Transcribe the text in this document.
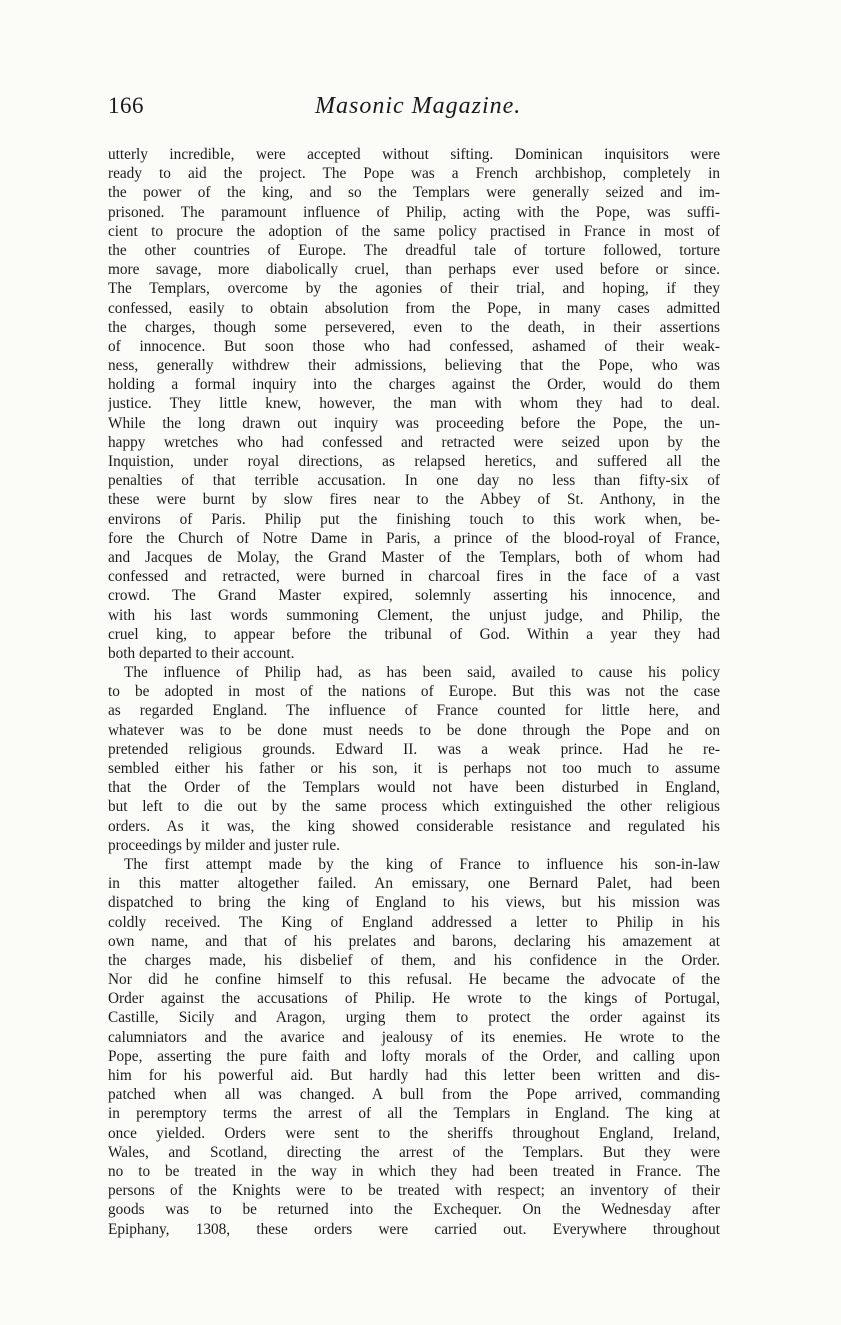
166	Masonic Magazine.
utterly incredible, were accepted without sifting. Dominican inquisitors were
ready to aid the project. The Pope was a French archbishop, completely in
the power of the king, and so the Templars were generally seized and im-
prisoned. The paramount influence of Philip, acting with the Pope, was suffi-
cient to procure the adoption of the same policy practised in France in most of
the other countries of Europe. The dreadful tale of torture followed, torture
more savage, more diabolically cruel, than perhaps ever used before or since.
The Templars, overcome by the agonies of their trial, and hoping, if they
confessed, easily to obtain absolution from the Pope, in many cases admitted
the charges, though some persevered, even to the death, in their assertions
of innocence. But soon those who had confessed, ashamed of their weak-
ness, generally withdrew their admissions, believing that the Pope, who was
holding a formal inquiry into the charges against the Order, would do them
justice. They little knew, however, the man with whom they had to deal.
While the long drawn out inquiry was proceeding before the Pope, the un-
happy wretches who had confessed and retracted were seized upon by the
Inquistion, under royal directions, as relapsed heretics, and suffered all the
penalties of that terrible accusation. In one day no less than fifty-six of
these were burnt by slow fires near to the Abbey of St. Anthony, in the
environs of Paris. Philip put the finishing touch to this work when, be-
fore the Church of Notre Dame in Paris, a prince of the blood-royal of France,
and Jacques de Molay, the Grand Master of the Templars, both of whom had
confessed and retracted, were burned in charcoal fires in the face of a vast
crowd. The Grand Master expired, solemnly asserting his innocence, and
with his last words summoning Clement, the unjust judge, and Philip, the
cruel king, to appear before the tribunal of God. Within a year they had
both departed to their account.
The influence of Philip had, as has been said, availed to cause his policy
to be adopted in most of the nations of Europe. But this was not the case
as regarded England. The influence of France counted for little here, and
whatever was to be done must needs to be done through the Pope and on
pretended religious grounds. Edward II. was a weak prince. Had he re-
sembled either his father or his son, it is perhaps not too much to assume
that the Order of the Templars would not have been disturbed in England,
but left to die out by the same process which extinguished the other religious
orders. As it was, the king showed considerable resistance and regulated his
proceedings by milder and juster rule.
The first attempt made by the king of France to influence his son-in-law
in this matter altogether failed. An emissary, one Bernard Palet, had been
dispatched to bring the king of England to his views, but his mission was
coldly received. The King of England addressed a letter to Philip in his
own name, and that of his prelates and barons, declaring his amazement at
the charges made, his disbelief of them, and his confidence in the Order.
Nor did he confine himself to this refusal. He became the advocate of the
Order against the accusations of Philip. He wrote to the kings of Portugal,
Castille, Sicily and Aragon, urging them to protect the order against its
calumniators and the avarice and jealousy of its enemies. He wrote to the
Pope, asserting the pure faith and lofty morals of the Order, and calling upon
him for his powerful aid. But hardly had this letter been written and dis-
patched when all was changed. A bull from the Pope arrived, commanding
in peremptory terms the arrest of all the Templars in England. The king at
once yielded. Orders were sent to the sheriffs throughout England, Ireland,
Wales, and Scotland, directing the arrest of the Templars. But they were
no to be treated in the way in which they had been treated in France. The
persons of the Knights were to be treated with respect; an inventory of their
goods was to be returned into the Exchequer. On the Wednesday after
Epiphany, 1308, these orders were carried out. Everywhere throughout
